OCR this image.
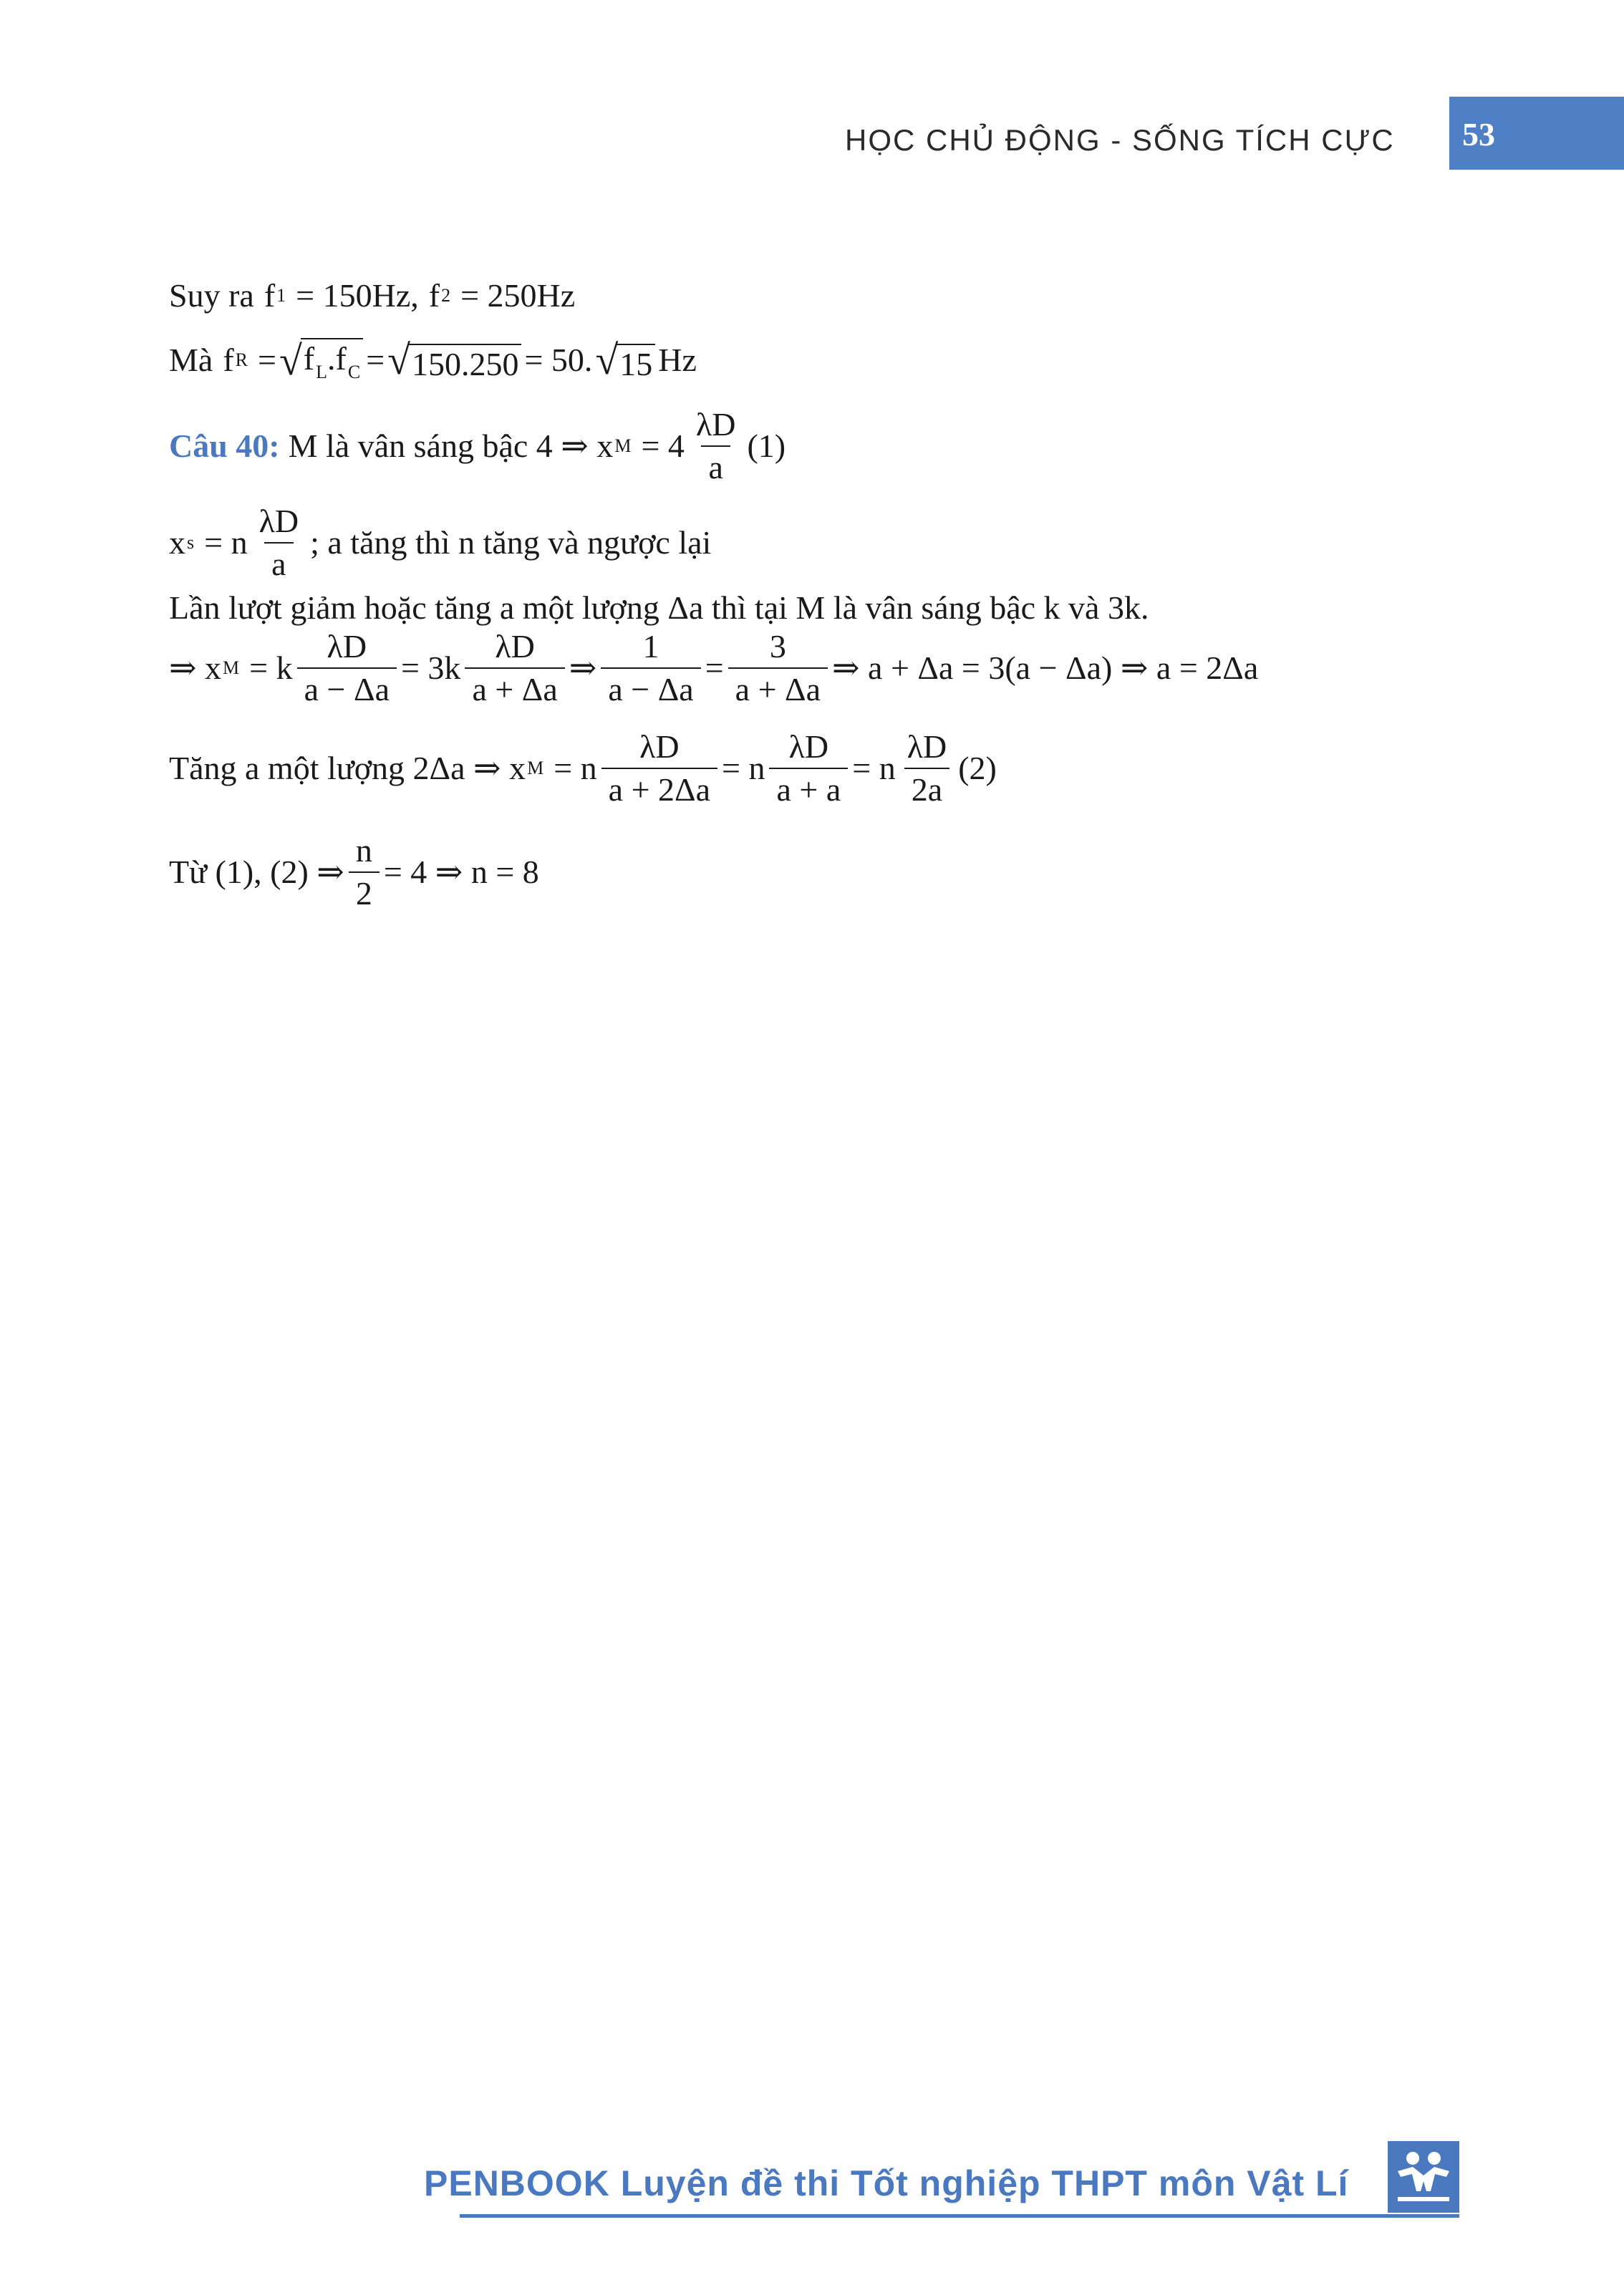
HỌC CHỦ ĐỘNG - SỐNG TÍCH CỰC 53
Suy ra f 1 = 150Hz, f 2 = 250Hz
Mà f R = √ $f_L.f_C$ = √ 150.250 = 50. √ 15 Hz
Câu 40: M là vân sáng bậc 4 ⇒ x $M = 4 \frac{\lambda D}{a} (1)$
x s = n $\frac{\lambda D}{a}$ ; a tăng thì n tăng và ngược lại
Lần lượt giảm hoặc tăng a một lượng Δa thì tại M là vân sáng bậc k và 3k.
⇒ x M = k $\frac{\lambda D}{a - \Delta a} = 3k \frac{\lambda D}{a + \Delta a}$ ⇒ $\frac{1}{a - \Delta a} = \frac{3}{a + \Delta a}$ ⇒ a + Δa = 3(a − Δa) ⇒ a = 2Δa
Tăng a một lượng 2Δa ⇒ x M = n $\frac{\lambda D}{a + 2\Delta a} = n \frac{\lambda D}{a + a} = n \frac{\lambda D}{2a} (2)$
Từ (1), (2) ⇒ $\frac{n}{2} = 4$ ⇒ n = 8
PENBOOK Luyện đề thi Tốt nghiệp THPT môn Vật Lí
